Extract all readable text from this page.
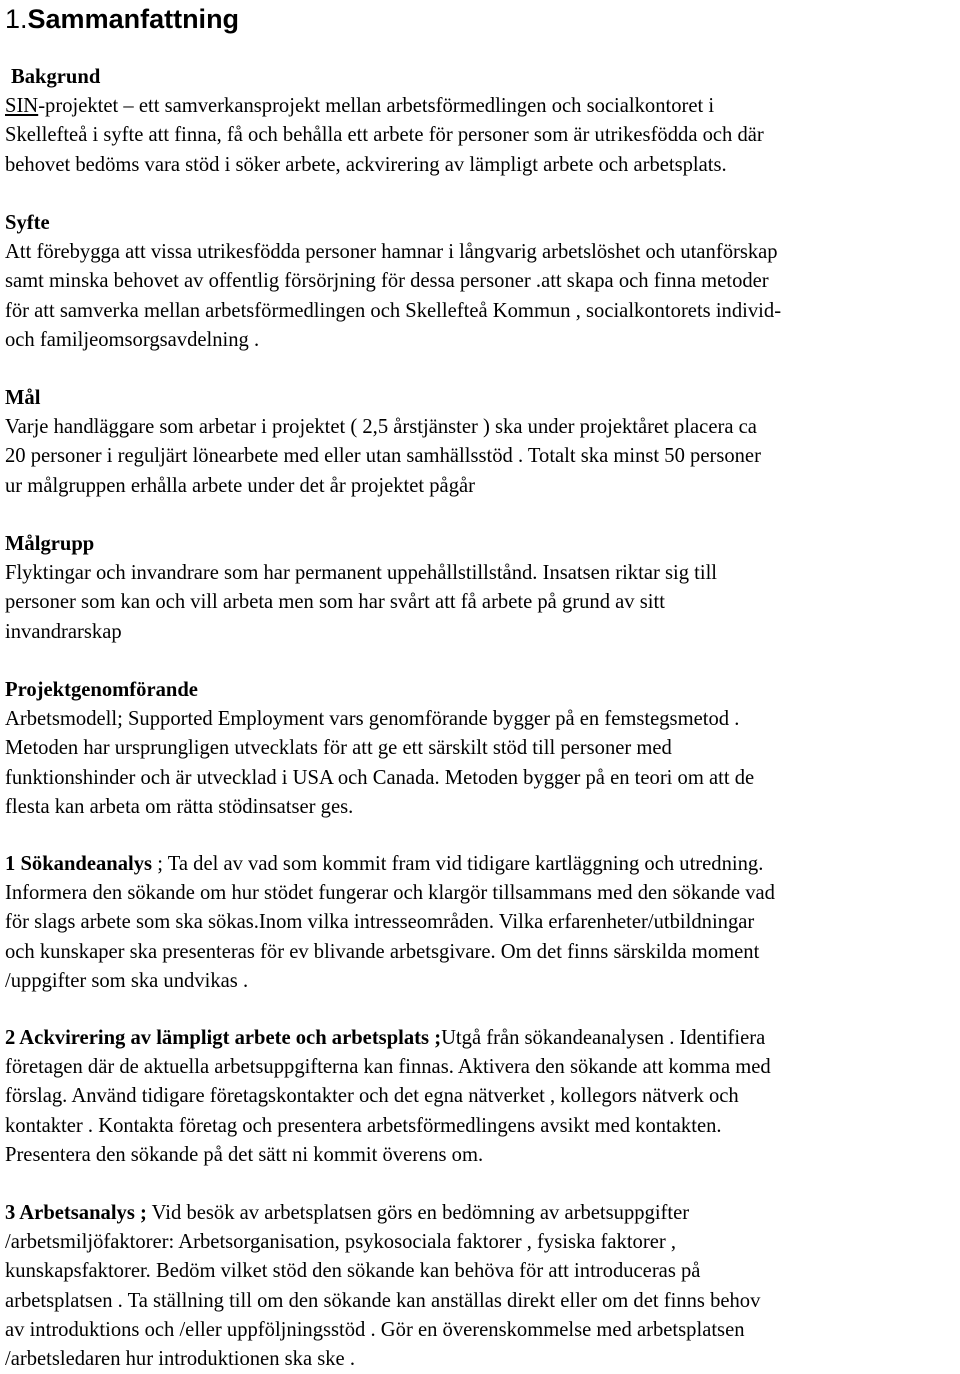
1.Sammanfattning
Bakgrund
SIN-projektet – ett samverkansprojekt mellan arbetsförmedlingen och socialkontoret i
Skellefteå i syfte att finna, få och behålla ett arbete för personer som är utrikesfödda och där
behovet bedöms vara stöd i söker arbete, ackvirering av lämpligt arbete och arbetsplats.
Syfte
Att förebygga att vissa utrikesfödda personer hamnar i långvarig arbetslöshet och utanförskap
samt minska behovet av offentlig försörjning för dessa personer .att skapa och finna metoder
för att samverka mellan arbetsförmedlingen och Skellefteå Kommun , socialkontorets individ-
och familjeomsorgsavdelning .
Mål
Varje handläggare som arbetar i projektet ( 2,5 årstjänster ) ska under projektåret placera ca
20 personer i reguljärt lönearbete med eller utan samhällsstöd . Totalt ska minst 50 personer
ur målgruppen erhålla arbete under det år projektet pågår
Målgrupp
Flyktingar och invandrare som har permanent uppehållstillstånd. Insatsen riktar sig till
personer som kan och vill arbeta men som har svårt att få arbete på grund av sitt
invandrarskap
Projektgenomförande
Arbetsmodell; Supported Employment vars genomförande bygger på en femstegsmetod .
Metoden har ursprungligen utvecklats för att ge ett särskilt stöd till personer med
funktionshinder och är utvecklad i USA och Canada. Metoden bygger på en teori om att de
flesta kan arbeta om rätta stödinsatser ges.
1 Sökandeanalys ; Ta del av vad som kommit fram vid tidigare kartläggning och utredning.
Informera den sökande om hur stödet fungerar och klargör tillsammans med den sökande vad
för slags arbete som ska sökas.Inom vilka intresseområden. Vilka erfarenheter/utbildningar
och kunskaper ska presenteras för ev blivande arbetsgivare. Om det finns särskilda moment
/uppgifter som ska undvikas .
2 Ackvirering av lämpligt arbete och arbetsplats ;Utgå från sökandeanalysen . Identifiera
företagen där de aktuella arbetsuppgifterna kan finnas. Aktivera den sökande att komma med
förslag. Använd tidigare företagskontakter och det egna nätverket , kollegors nätverk och
kontakter . Kontakta företag och presentera arbetsförmedlingens avsikt med kontakten.
Presentera den sökande på det sätt ni kommit överens om.
3 Arbetsanalys ; Vid besök av arbetsplatsen görs en bedömning av arbetsuppgifter
/arbetsmiljöfaktorer: Arbetsorganisation, psykosociala faktorer , fysiska faktorer ,
kunskapsfaktorer. Bedöm vilket stöd den sökande kan behöva för att introduceras på
arbetsplatsen . Ta ställning till om den sökande kan anställas direkt eller om det finns behov
av introduktions och /eller uppföljningsstöd . Gör en överenskommelse med arbetsplatsen
/arbetsledaren hur introduktionen ska ske .
